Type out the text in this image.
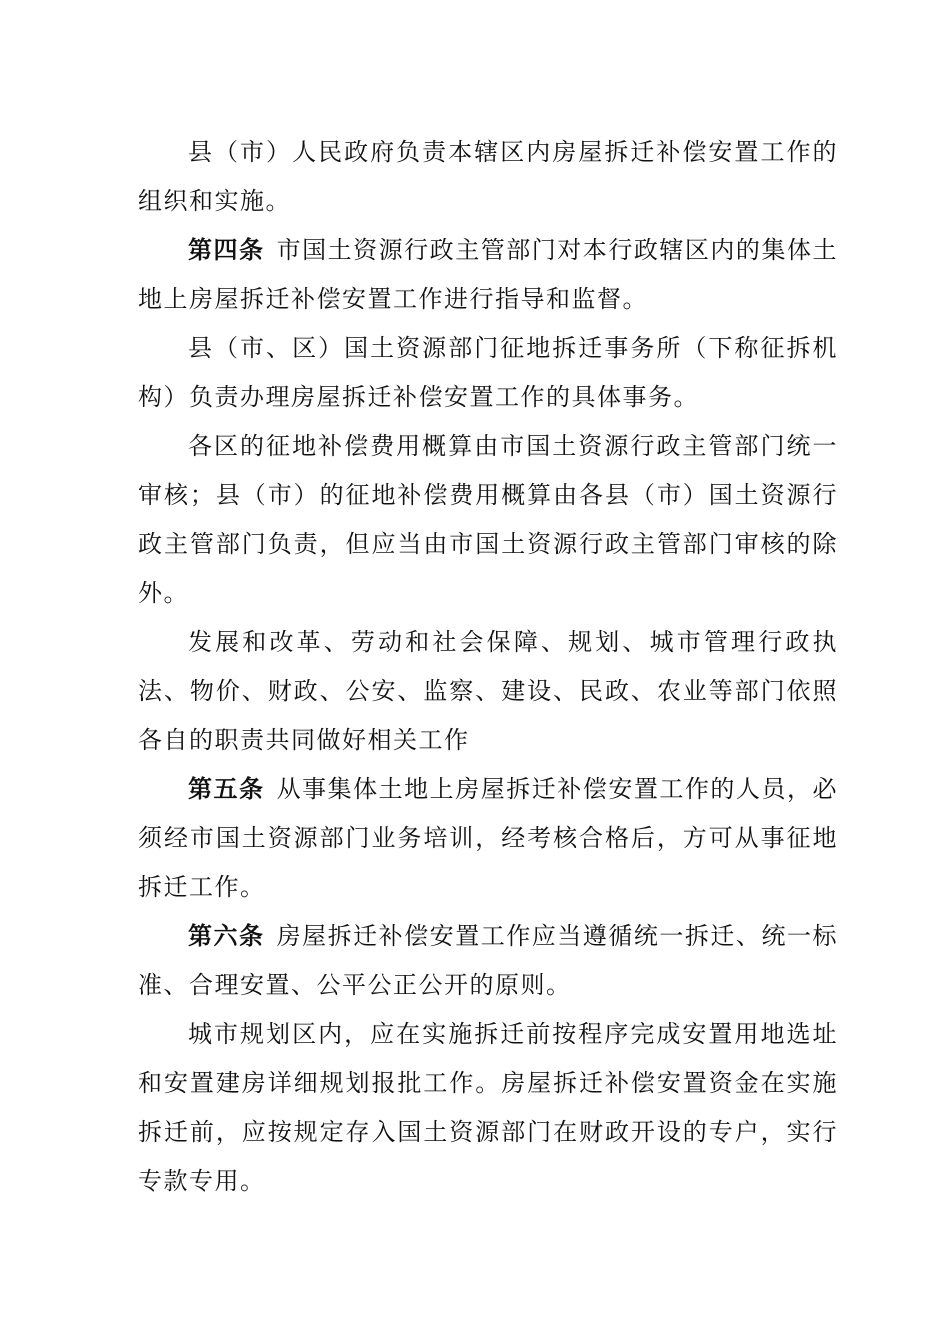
县（市）人民政府负责本辖区内房屋拆迁补偿安置工作的组织和实施。

第四条 市国土资源行政主管部门对本行政辖区内的集体土地上房屋拆迁补偿安置工作进行指导和监督。

县（市、区）国土资源部门征地拆迁事务所（下称征拆机构）负责办理房屋拆迁补偿安置工作的具体事务。

各区的征地补偿费用概算由市国土资源行政主管部门统一审核；县（市）的征地补偿费用概算由各县（市）国土资源行政主管部门负责，但应当由市国土资源行政主管部门审核的除外。

发展和改革、劳动和社会保障、规划、城市管理行政执法、物价、财政、公安、监察、建设、民政、农业等部门依照各自的职责共同做好相关工作

第五条 从事集体土地上房屋拆迁补偿安置工作的人员，必须经市国土资源部门业务培训，经考核合格后，方可从事征地拆迁工作。

第六条 房屋拆迁补偿安置工作应当遵循统一拆迁、统一标准、合理安置、公平公正公开的原则。

城市规划区内，应在实施拆迁前按程序完成安置用地选址和安置建房详细规划报批工作。房屋拆迁补偿安置资金在实施拆迁前，应按规定存入国土资源部门在财政开设的专户，实行专款专用。
